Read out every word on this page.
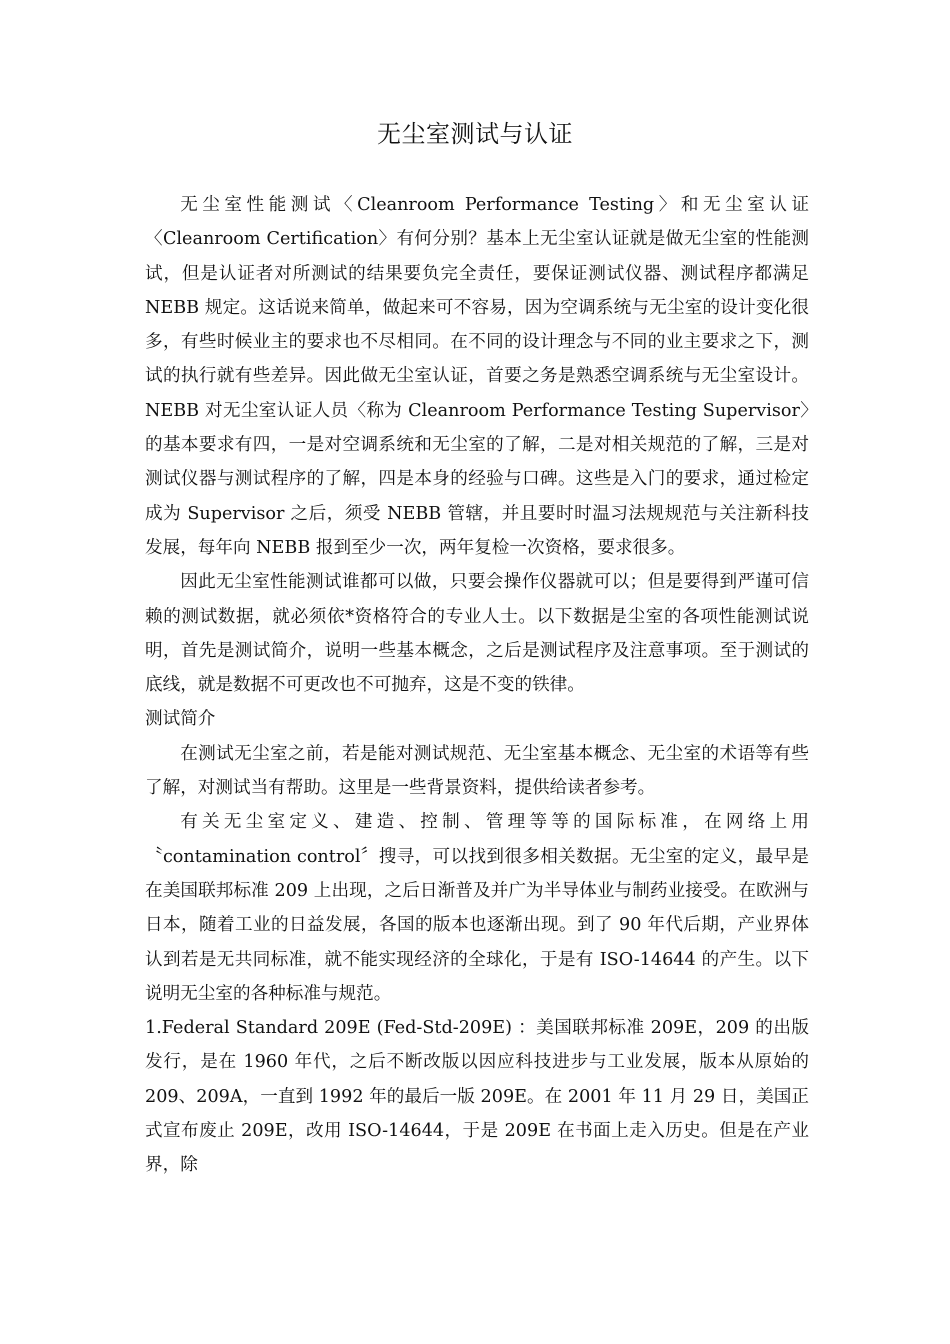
无尘室测试与认证

无尘室性能测试〈Cleanroom Performance Testing〉和无尘室认证〈Cleanroom Certification〉有何分别？基本上无尘室认证就是做无尘室的性能测试，但是认证者对所测试的结果要负完全责任，要保证测试仪器、测试程序都满足 NEBB 规定。这话说来简单，做起来可不容易，因为空调系统与无尘室的设计变化很多，有些时候业主的要求也不尽相同。在不同的设计理念与不同的业主要求之下，测试的执行就有些差异。因此做无尘室认证，首要之务是熟悉空调系统与无尘室设计。NEBB 对无尘室认证人员〈称为 Cleanroom Performance Testing Supervisor〉的基本要求有四，一是对空调系统和无尘室的了解，二是对相关规范的了解，三是对测试仪器与测试程序的了解，四是本身的经验与口碑。这些是入门的要求，通过检定成为 Supervisor 之后，须受 NEBB 管辖，并且要时时温习法规规范与关注新科技发展，每年向 NEBB 报到至少一次，两年复检一次资格，要求很多。

因此无尘室性能测试谁都可以做，只要会操作仪器就可以；但是要得到严谨可信赖的测试数据，就必须依*资格符合的专业人士。以下数据是尘室的各项性能测试说明，首先是测试简介，说明一些基本概念，之后是测试程序及注意事项。至于测试的底线，就是数据不可更改也不可抛弃，这是不变的铁律。

测试简介

在测试无尘室之前，若是能对测试规范、无尘室基本概念、无尘室的术语等有些了解，对测试当有帮助。这里是一些背景资料，提供给读者参考。

有关无尘室定义、建造、控制、管理等等的国际标准，在网络上用〝contamination control〞搜寻，可以找到很多相关数据。无尘室的定义，最早是在美国联邦标准 209 上出现，之后日渐普及并广为半导体业与制药业接受。在欧洲与日本，随着工业的日益发展，各国的版本也逐渐出现。到了 90 年代后期，产业界体认到若是无共同标准，就不能实现经济的全球化，于是有 ISO-14644 的产生。以下说明无尘室的各种标准与规范。

1.Federal Standard 209E (Fed-Std-209E) ：美国联邦标准 209E，209 的出版发行，是在 1960 年代，之后不断改版以因应科技进步与工业发展，版本从原始的 209、209A，一直到 1992 年的最后一版 209E。在 2001 年 11 月 29 日，美国正式宣布废止 209E，改用 ISO-14644，于是 209E 在书面上走入历史。但是在产业界，除
